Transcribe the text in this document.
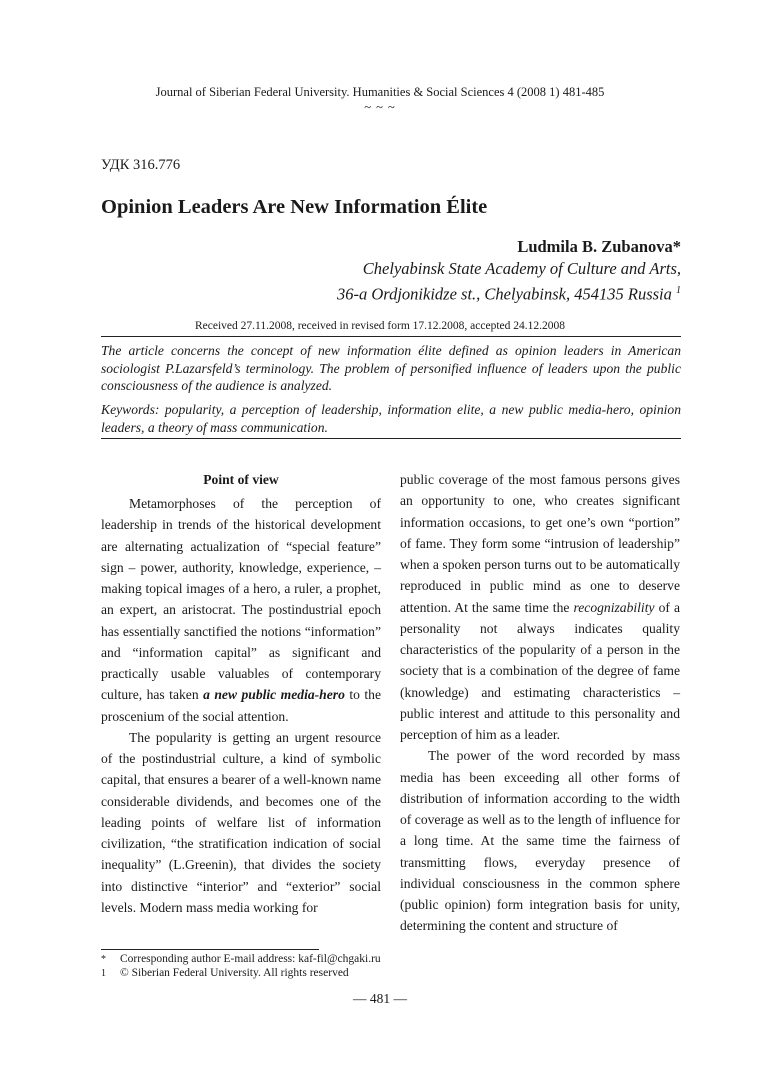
Journal of Siberian Federal University. Humanities & Social Sciences 4 (2008 1) 481-485
~ ~ ~
УДК 316.776
Opinion Leaders Are New Information Élite
Ludmila B. Zubanova*
Chelyabinsk State Academy of Culture and Arts,
36-a Ordjonikidze st., Chelyabinsk, 454135 Russia $^1$
Received 27.11.2008, received in revised form 17.12.2008, accepted 24.12.2008

The article concerns the concept of new information élite defined as opinion leaders in American sociologist P.Lazarsfeld’s terminology. The problem of personified influence of leaders upon the public consciousness of the audience is analyzed.

Keywords: popularity, a perception of leadership, information elite, a new public media-hero, opinion leaders, a theory of mass communication.

Point of view

Metamorphoses of the perception of leadership in trends of the historical development are alternating actualization of “special feature” sign – power, authority, knowledge, experience, – making topical images of a hero, a ruler, a prophet, an expert, an aristocrat. The postindustrial epoch has essentially sanctified the notions “information” and “information capital” as significant and practically usable valuables of contemporary culture, has taken a new public media-hero to the proscenium of the social attention.

The popularity is getting an urgent resource of the postindustrial culture, a kind of symbolic capital, that ensures a bearer of a well-known name considerable dividends, and becomes one of the leading points of welfare list of information civilization, “the stratification indication of social inequality” (L.Greenin), that divides the society into distinctive “interior” and “exterior” social levels. Modern mass media working for

public coverage of the most famous persons gives an opportunity to one, who creates significant information occasions, to get one’s own “portion” of fame. They form some “intrusion of leadership” when a spoken person turns out to be automatically reproduced in public mind as one to deserve attention. At the same time the recognizability of a personality not always indicates quality characteristics of the popularity of a person in the society that is a combination of the degree of fame (knowledge) and estimating characteristics – public interest and attitude to this personality and perception of him as a leader.

The power of the word recorded by mass media has been exceeding all other forms of distribution of information according to the width of coverage as well as to the length of influence for a long time. At the same time the fairness of transmitting flows, everyday presence of individual consciousness in the common sphere (public opinion) form integration basis for unity, determining the content and structure of

* Corresponding author E-mail address: kaf-fil@chgaki.ru
1 © Siberian Federal University. All rights reserved
— 481 —
